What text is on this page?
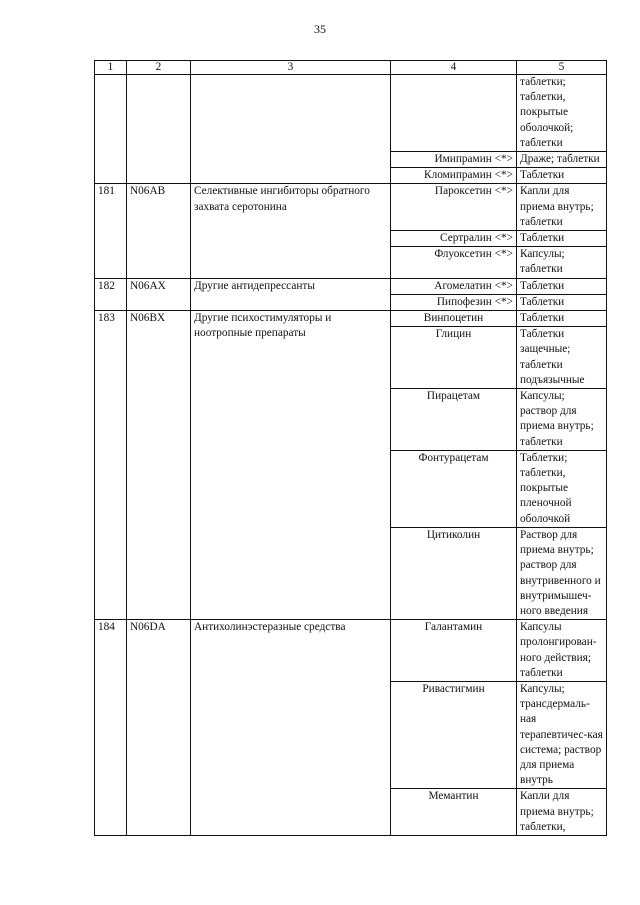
35
1	2	3	4	5
				таблетки; таблетки, покрытые оболочкой; таблетки
			Имипрамин <*>	Драже; таблетки
			Кломипрамин <*>	Таблетки
181	N06AB	Селективные ингибиторы обратного захвата серотонина	Пароксетин <*>	Капли для приема внутрь; таблетки
			Сертралин <*>	Таблетки
			Флуоксетин <*>	Капсулы; таблетки
182	N06AX	Другие антидепрессанты	Агомелатин <*>	Таблетки
			Пипофезин <*>	Таблетки
183	N06BX	Другие психостимуляторы и ноотропные препараты	Винпоцетин	Таблетки
			Глицин	Таблетки защечные; таблетки подъязычные
			Пирацетам	Капсулы; раствор для приема внутрь; таблетки
			Фонтурацетам	Таблетки; таблетки, покрытые пленочной оболочкой
			Цитиколин	Раствор для приема внутрь; раствор для внутривенного и внутримышеч-ного введения
184	N06DA	Антихолинэстеразные средства	Галантамин	Капсулы пролонгирован-ного действия; таблетки
			Ривастигмин	Капсулы; трансдермаль-ная терапевтичес-кая система; раствор для приема внутрь
			Мемантин	Капли для приема внутрь; таблетки,
